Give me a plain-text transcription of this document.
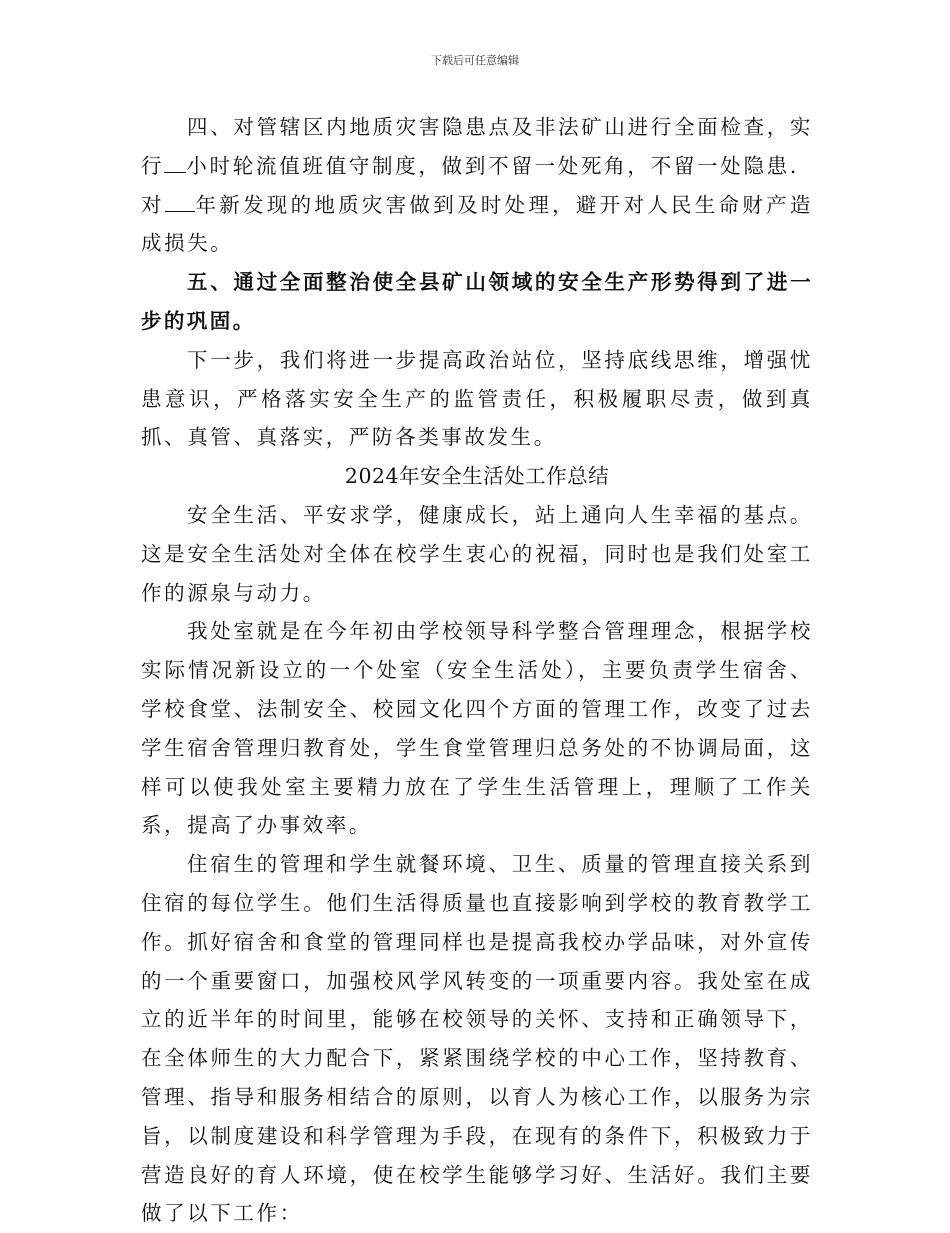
下载后可任意编辑

四、对管辖区内地质灾害隐患点及非法矿山进行全面检查，实行 小时轮流值班值守制度，做到不留一处死角，不留一处隐患．对 年新发现的地质灾害做到及时处理，避开对人民生命财产造成损失。

五、通过全面整治使全县矿山领域的安全生产形势得到了进一步的巩固。

下一步，我们将进一步提高政治站位，坚持底线思维，增强忧患意识，严格落实安全生产的监管责任，积极履职尽责，做到真抓、真管、真落实，严防各类事故发生。

2024年安全生活处工作总结

安全生活、平安求学，健康成长，站上通向人生幸福的基点。这是安全生活处对全体在校学生衷心的祝福，同时也是我们处室工作的源泉与动力。

我处室就是在今年初由学校领导科学整合管理理念，根据学校实际情况新设立的一个处室（安全生活处），主要负责学生宿舍、学校食堂、法制安全、校园文化四个方面的管理工作，改变了过去学生宿舍管理归教育处，学生食堂管理归总务处的不协调局面，这样可以使我处室主要精力放在了学生生活管理上，理顺了工作关系，提高了办事效率。

住宿生的管理和学生就餐环境、卫生、质量的管理直接关系到住宿的每位学生。他们生活得质量也直接影响到学校的教育教学工作。抓好宿舍和食堂的管理同样也是提高我校办学品味，对外宣传的一个重要窗口，加强校风学风转变的一项重要内容。我处室在成立的近半年的时间里，能够在校领导的关怀、支持和正确领导下，在全体师生的大力配合下，紧紧围绕学校的中心工作，坚持教育、管理、指导和服务相结合的原则，以育人为核心工作，以服务为宗旨，以制度建设和科学管理为手段，在现有的条件下，积极致力于营造良好的育人环境，使在校学生能够学习好、生活好。我们主要做了以下工作：
